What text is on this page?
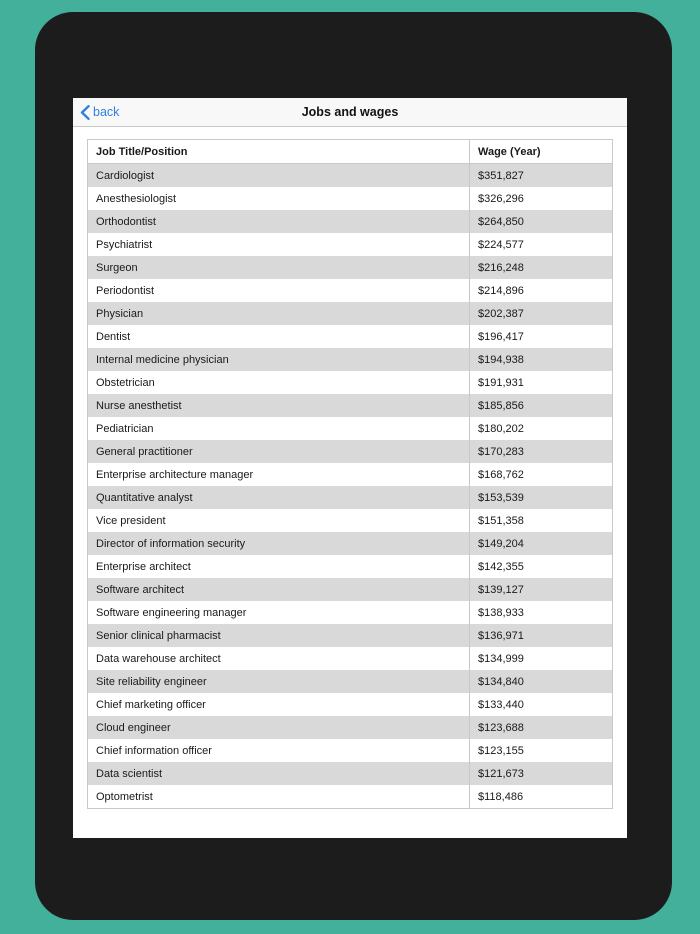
back	Jobs and wages
Job Title/Position	Wage (Year)
Cardiologist	$351,827
Anesthesiologist	$326,296
Orthodontist	$264,850
Psychiatrist	$224,577
Surgeon	$216,248
Periodontist	$214,896
Physician	$202,387
Dentist	$196,417
Internal medicine physician	$194,938
Obstetrician	$191,931
Nurse anesthetist	$185,856
Pediatrician	$180,202
General practitioner	$170,283
Enterprise architecture manager	$168,762
Quantitative analyst	$153,539
Vice president	$151,358
Director of information security	$149,204
Enterprise architect	$142,355
Software architect	$139,127
Software engineering manager	$138,933
Senior clinical pharmacist	$136,971
Data warehouse architect	$134,999
Site reliability engineer	$134,840
Chief marketing officer	$133,440
Cloud engineer	$123,688
Chief information officer	$123,155
Data scientist	$121,673
Optometrist	$118,486
